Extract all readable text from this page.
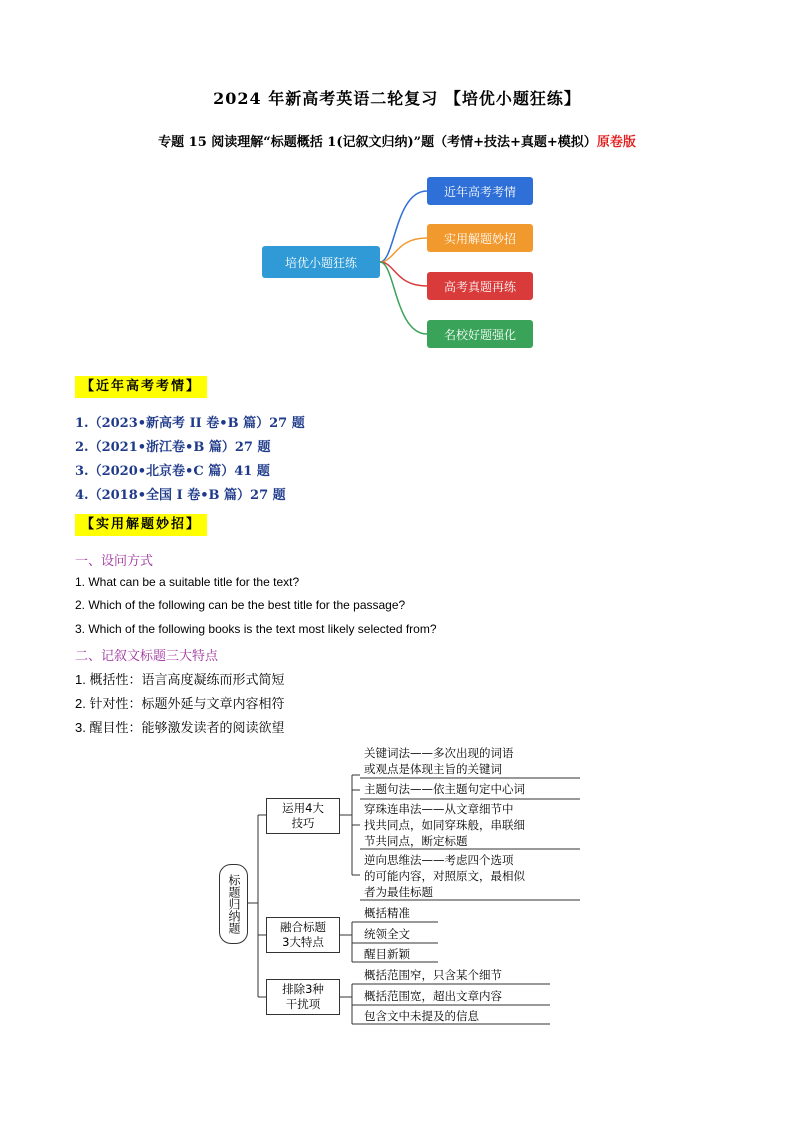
2024 年新高考英语二轮复习 【培优小题狂练】
专题 15 阅读理解“标题概括 1(记叙文归纳)”题（考情+技法+真题+模拟）原卷版
培优小题狂练
近年高考考情
实用解题妙招
高考真题再练
名校好题强化
【近年高考考情】
1.（2023•新高考 II 卷•B 篇）27 题
2.（2021•浙江卷•B 篇）27 题
3.（2020•北京卷•C 篇）41 题
4.（2018•全国 I 卷•B 篇）27 题
【实用解题妙招】
一、设问方式
1. What can be a suitable title for the text?
2. Which of the following can be the best title for the passage?
3. Which of the following books is the text most likely selected from?
二、记叙文标题三大特点
1. 概括性：语言高度凝练而形式简短
2. 针对性：标题外延与文章内容相符
3. 醒目性：能够激发读者的阅读欲望
标题归纳题
运用4大
技巧
融合标题
3大特点
排除3种
干扰项
关键词法——多次出现的词语
或观点是体现主旨的关键词
主题句法——依主题句定中心词
穿珠连串法——从文章细节中
找共同点，如同穿珠般，串联细
节共同点，断定标题
逆向思维法——考虑四个选项
的可能内容，对照原文，最相似
者为最佳标题
概括精准
统领全文
醒目新颖
概括范围窄，只含某个细节
概括范围宽，超出文章内容
包含文中未提及的信息
